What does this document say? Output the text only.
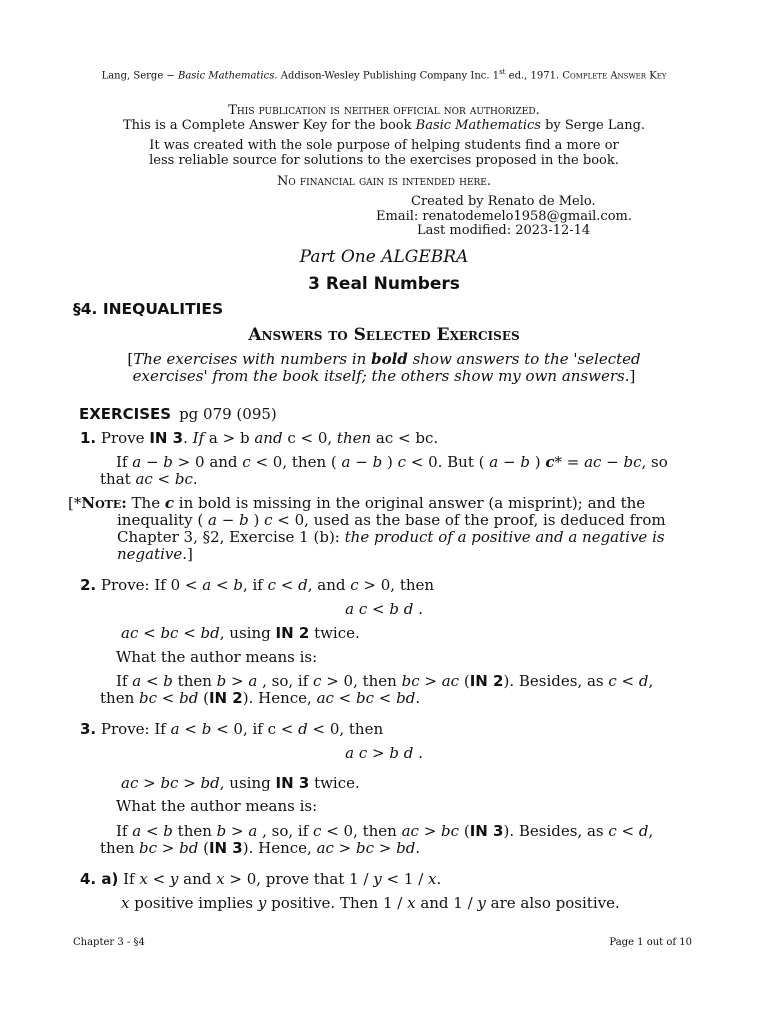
Lang, Serge − Basic Mathematics. Addison-Wesley Publishing Company Inc. 1st ed., 1971. Complete Answer Key
This publication is neither official nor authorized.
This is a Complete Answer Key for the book Basic Mathematics by Serge Lang.
It was created with the sole purpose of helping students find a more or
less reliable source for solutions to the exercises proposed in the book.
No financial gain is intended here.
Created by Renato de Melo.
Email: renatodemelo1958@gmail.com.
Last modified: 2023-12-14
Part One ALGEBRA
3 Real Numbers
§4. INEQUALITIES
Answers to Selected Exercises
[The exercises with numbers in bold show answers to the 'selected
exercises' from the book itself; the others show my own answers.]
EXERCISES pg 079 (095)
1. Prove IN 3. If a > b and c < 0, then ac < bc.
If a − b > 0 and c < 0, then ( a − b ) c < 0. But ( a − b ) c* = ac − bc, so
that ac < bc.
[*Note: The c in bold is missing in the original answer (a misprint); and the
inequality ( a − b ) c < 0, used as the base of the proof, is deduced from
Chapter 3, §2, Exercise 1 (b): the product of a positive and a negative is
negative.]
2. Prove: If 0 < a < b, if c < d, and c > 0, then
a c < b d .
ac < bc < bd, using IN 2 twice.
What the author means is:
If a < b then b > a , so, if c > 0, then bc > ac (IN 2). Besides, as c < d,
then bc < bd (IN 2). Hence, ac < bc < bd.
3. Prove: If a < b < 0, if c < d < 0, then
a c > b d .
ac > bc > bd, using IN 3 twice.
What the author means is:
If a < b then b > a , so, if c < 0, then ac > bc (IN 3). Besides, as c < d,
then bc > bd (IN 3). Hence, ac > bc > bd.
4. a) If x < y and x > 0, prove that 1 / y < 1 / x.
x positive implies y positive. Then 1 / x and 1 / y are also positive.
Chapter 3 - §4	Page 1 out of 10
